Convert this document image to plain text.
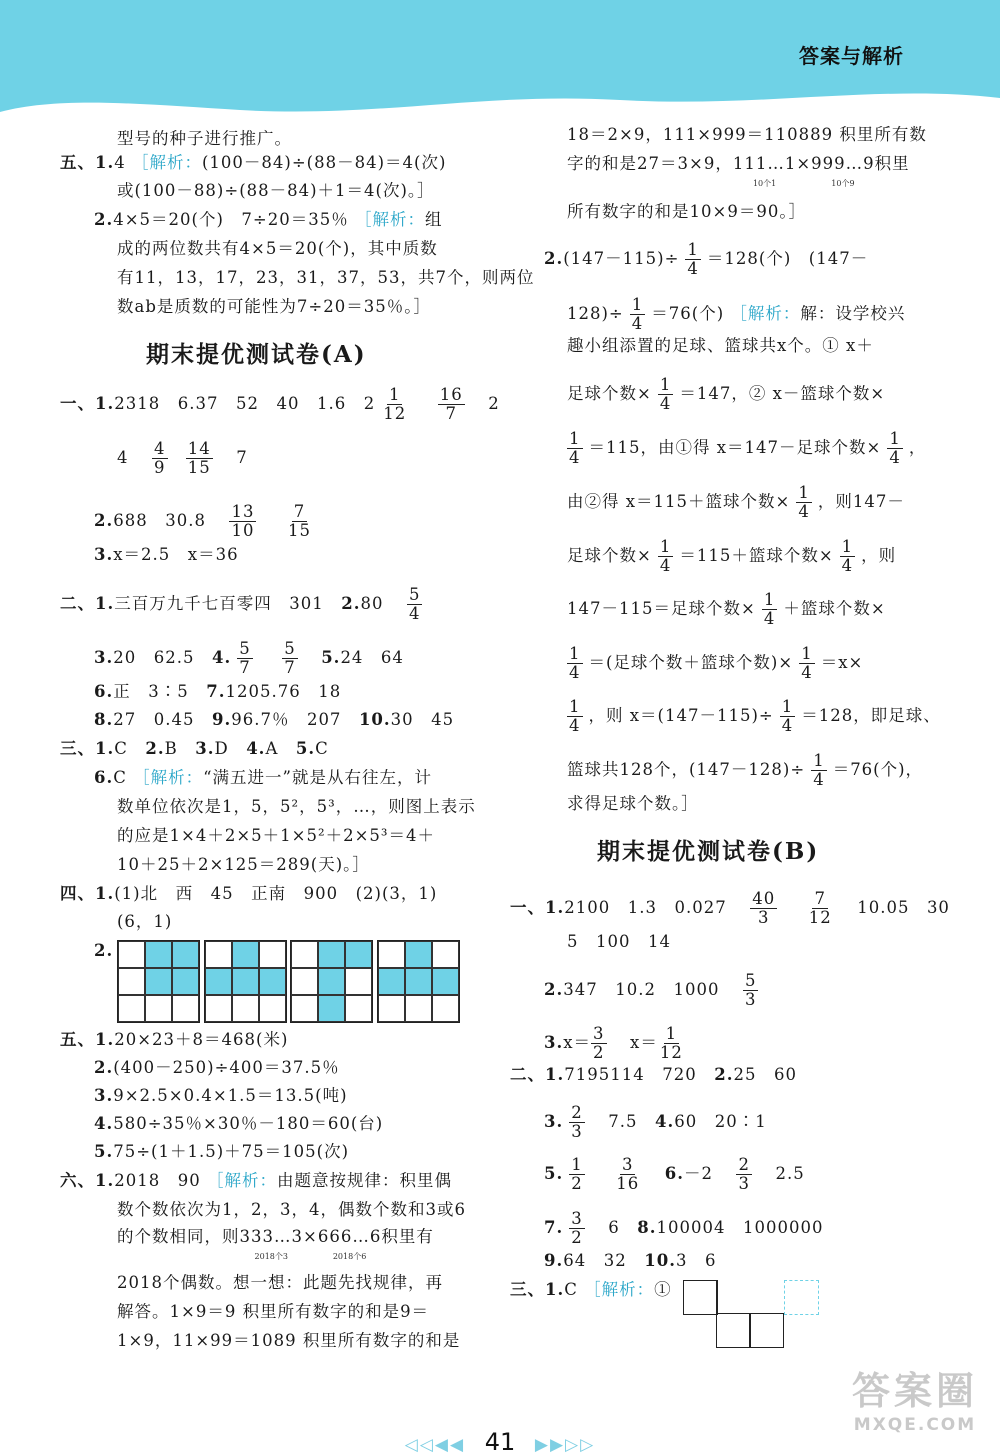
答案与解析
型号的种子进行推广。
五、1.4 ［解析：(100－84)÷(88－84)＝4(次)
或(100－88)÷(88－84)＋1＝4(次)。］
2.4×5＝20(个)　7÷20＝35％ ［解析：组
成的两位数共有4×5＝20(个)，其中质数
有11，13，17，23，31，37，53，共7个，则两位
数ab是质数的可能性为7÷20＝35％。］
期末提优测试卷(A)
一、1.2318　6.37　52　40　1.6　$2 \frac{1}{12}$
　 $\frac{16}{7}$
　 2
4　 $\frac{4}{9}$
$\frac{14}{15}$
　 7
2.688　30.8　 $\frac{13}{10}$
　 $\frac{7}{15}$
3.x＝2.5　x＝36
二、1.三百万九千七百零四　301　2.80　 $\frac{5}{4}$
3.20　62.5　4. $\frac{5}{7}$
　 $\frac{5}{7}$
　 5.24　64
6.正　3∶5　7.1205.76　18
8.27　0.45　9.96.7％　207　10.30　45
三、1.C　2.B　3.D　4.A　5.C
6.C ［解析：“满五进一”就是从右往左，计
数单位依次是1，5，5²，5³，…，则图上表示
的应是1×4＋2×5＋1×5²＋2×5³＝4＋
10＋25＋2×125＝289(天)。］
四、1.(1)北　西　45　正南　900　(2)(3，1)
(6，1)
2.
五、1.20×23＋8＝468(米)
2.(400－250)÷400＝37.5％
3.9×2.5×0.4×1.5＝13.5(吨)
4.580÷35％×30％－180＝60(台)
5.75÷(1＋1.5)＋75＝105(次)
六、1.2018　90 ［解析：由题意按规律：积里偶
数个数依次为1，2，3，4，偶数个数和3或6
的个数相同，则333…3
2018个3
×666…6
2018个6
积里有
2018个偶数。想一想：此题先找规律，再
解答。1×9＝9 积里所有数字的和是9＝
1×9，11×99＝1089 积里所有数字的和是
18＝2×9，111×999＝110889 积里所有数
字的和是27＝3×9，111…1
10个1
×999…9
10个9
积里
所有数字的和是10×9＝90。］
$2.(147-115)\div \frac{1}{4} =128$(个)　(147－
$128)\div \frac{1}{4} =76$(个) ［解析：解：设学校兴
趣小组添置的足球、篮球共x个。① x＋
足球个数× $\frac{1}{4} =147$，② x－篮球个数×
$\frac{1}{4} =115$，由①得 x＝147－足球个数× $\frac{1}{4}$ ，
由②得 x＝115＋篮球个数× $\frac{1}{4}$ ，则147－
足球个数× $\frac{1}{4} =115+$篮球个数× $\frac{1}{4}$ ，则
147－115＝足球个数× $\frac{1}{4}$ ＋篮球个数×
$\frac{1}{4}$ ＝(足球个数＋篮球个数)× $\frac{1}{4} =x\times$
$\frac{1}{4}$ ，则 $x=(147-115)\div \frac{1}{4} =128$，即足球、
篮球共128个，$(147-128)\div \frac{1}{4} =76$(个)，
求得足球个数。］
期末提优测试卷(B)
一、1.2100　1.3　0.027　 $\frac{40}{3}$
　 $\frac{7}{12}$
　 10.05　30
5　100　14
2.347　10.2　1000　 $\frac{5}{3}$
$3.x= \frac{3}{2}$
　 $x= \frac{1}{12}$
二、1.7195114　720　2.25　60
3. $\frac{2}{3}$
　 7.5　4.60　20∶1
5. $\frac{1}{2}$
　 $\frac{3}{16}$
　 6.－2　 $\frac{2}{3}$
　 2.5
7. $\frac{3}{2}$
　 6　8.100004　1000000
9.64　32　10.3　6
三、1.C ［解析：①
◁◁◀◀ 41 ▶▶▷▷
答案圈
MXQE.COM
